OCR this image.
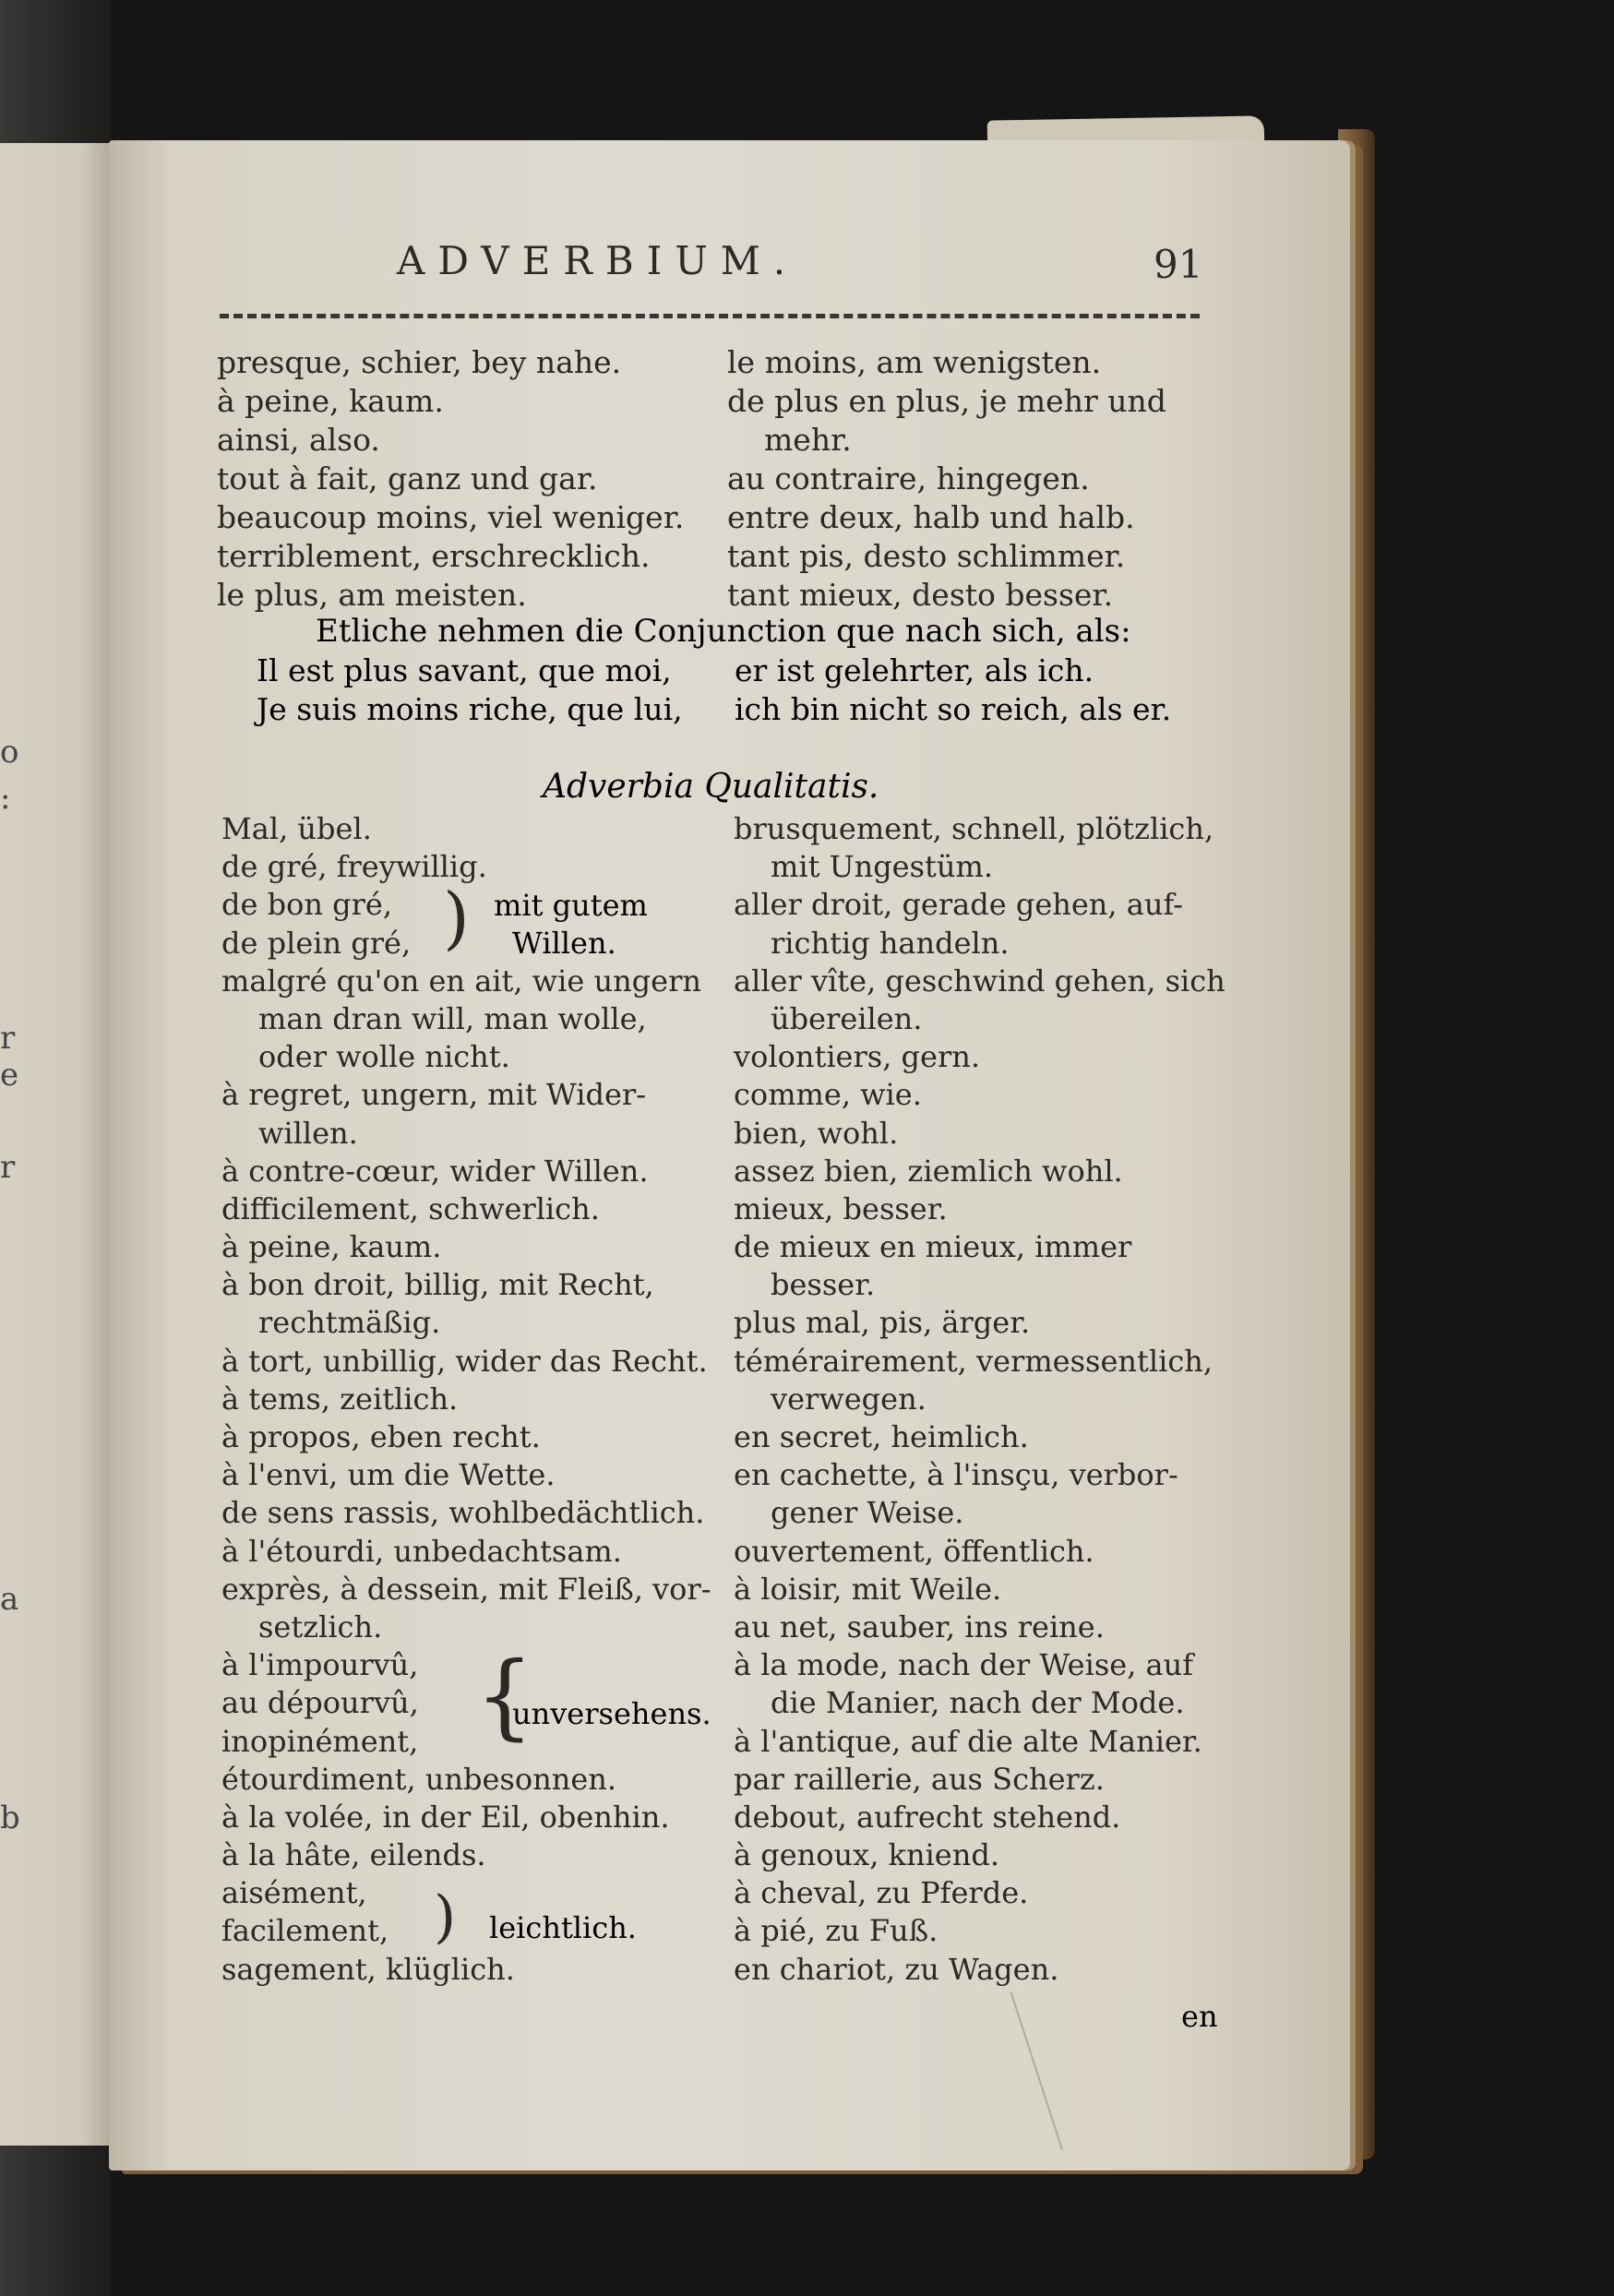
o
:
r
e
r
a
b
ADVERBIUM.	91
presque, schier, bey nahe.
à peine, kaum.
ainsi, also.
tout à fait, ganz und gar.
beaucoup moins, viel weniger.
terriblement, erschrecklich.
le plus, am meisten.
le moins, am wenigsten.
de plus en plus, je mehr und
mehr.
au contraire, hingegen.
entre deux, halb und halb.
tant pis, desto schlimmer.
tant mieux, desto besser.
Etliche nehmen die Conjunction que nach sich, als:
Il est plus savant, que moi,
Je suis moins riche, que lui,
er ist gelehrter, als ich.
ich bin nicht so reich, als er.
Adverbia Qualitatis.
Mal, übel.
de gré, freywillig.
de bon gré,
de plein gré,
malgré qu'on en ait, wie ungern
man dran will, man wolle,
oder wolle nicht.
à regret, ungern, mit Wider-
willen.
à contre-cœur, wider Willen.
difficilement, schwerlich.
à peine, kaum.
à bon droit, billig, mit Recht,
rechtmäßig.
à tort, unbillig, wider das Recht.
à tems, zeitlich.
à propos, eben recht.
à l'envi, um die Wette.
de sens rassis, wohlbedächtlich.
à l'étourdi, unbedachtsam.
exprès, à dessein, mit Fleiß, vor-
setzlich.
à l'impourvû,
au dépourvû,
inopinément,
étourdiment, unbesonnen.
à la volée, in der Eil, obenhin.
à la hâte, eilends.
aisément,
facilement,
sagement, klüglich.
) mit gutem
Willen.
{
unversehens.
) leichtlich.
brusquement, schnell, plötzlich,
mit Ungestüm.
aller droit, gerade gehen, auf-
richtig handeln.
aller vîte, geschwind gehen, sich
übereilen.
volontiers, gern.
comme, wie.
bien, wohl.
assez bien, ziemlich wohl.
mieux, besser.
de mieux en mieux, immer
besser.
plus mal, pis, ärger.
témérairement, vermessentlich,
verwegen.
en secret, heimlich.
en cachette, à l'insçu, verbor-
gener Weise.
ouvertement, öffentlich.
à loisir, mit Weile.
au net, sauber, ins reine.
à la mode, nach der Weise, auf
die Manier, nach der Mode.
à l'antique, auf die alte Manier.
par raillerie, aus Scherz.
debout, aufrecht stehend.
à genoux, kniend.
à cheval, zu Pferde.
à pié, zu Fuß.
en chariot, zu Wagen.
en
